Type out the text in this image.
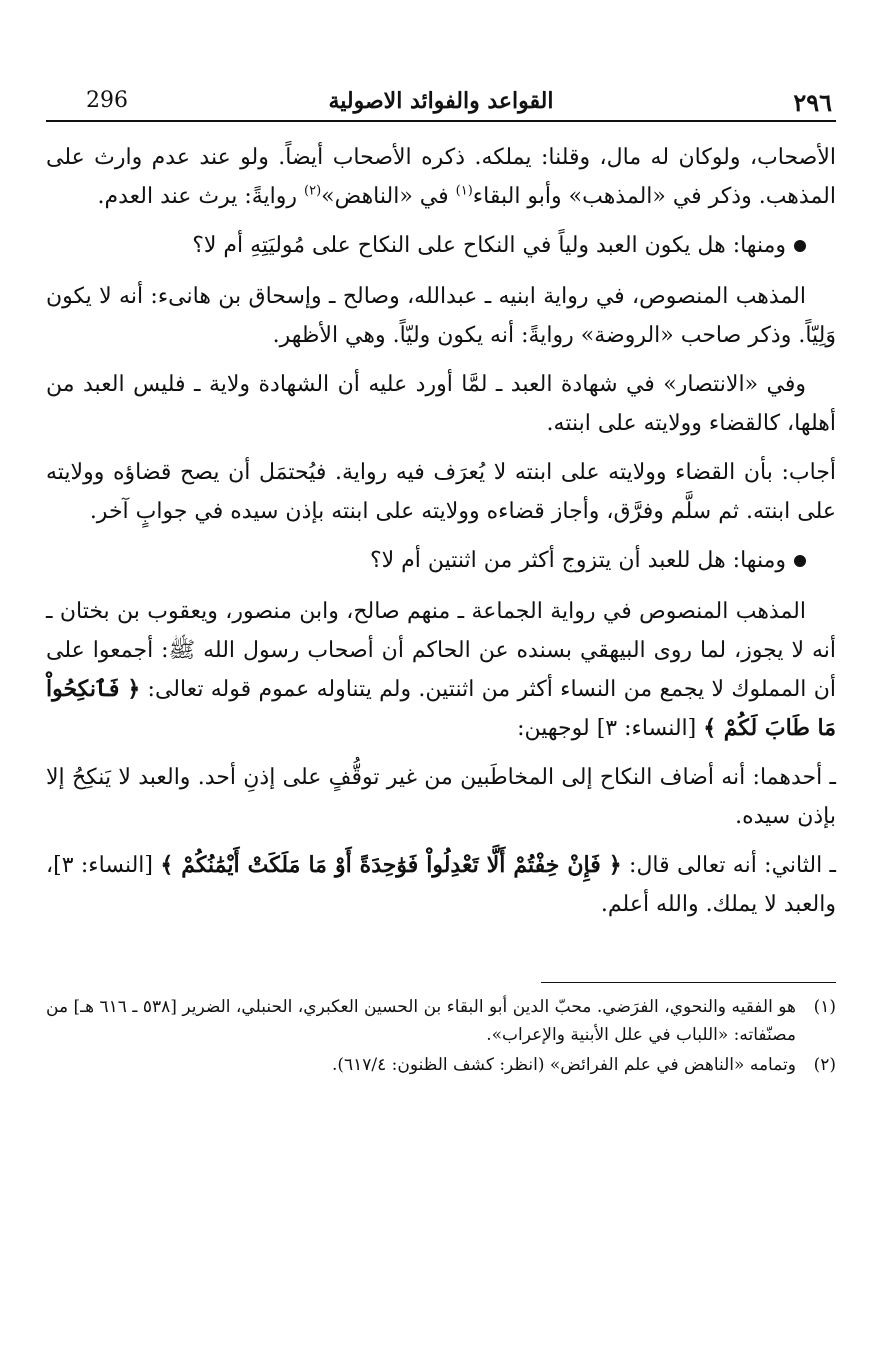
٢٩٦
القواعد والفوائد الاصولية
296

الأصحاب، ولوكان له مال، وقلنا: يملكه. ذكره الأصحاب أيضاً. ولو عند عدم وارث على المذهب. وذكر في «المذهب» وأبو البقاء$^{(١)}$ في «الناهض»$^{(٢)}$ روايةً: يرث عند العدم.

ومنها: هل يكون العبد ولياً في النكاح على النكاح على مُوليَتِهِ أم لا؟

المذهب المنصوص، في رواية ابنيه ـ عبدالله، وصالح ـ وإسحاق بن هانىء: أنه لا يكون وَلِيّاً. وذكر صاحب «الروضة» روايةً: أنه يكون وليّاً. وهي الأظهر.

وفي «الانتصار» في شهادة العبد ـ لمَّا أورد عليه أن الشهادة ولاية ـ فليس العبد من أهلها، كالقضاء وولايته على ابنته.

أجاب: بأن القضاء وولايته على ابنته لا يُعرَف فيه رواية. فيُحتمَل أن يصح قضاؤه وولايته على ابنته. ثم سلَّم وفرَّق، وأجاز قضاءه وولايته على ابنته بإذن سيده في جوابٍ آخر.

ومنها: هل للعبد أن يتزوج أكثر من اثنتين أم لا؟

المذهب المنصوص في رواية الجماعة ـ منهم صالح، وابن منصور، ويعقوب بن بختان ـ أنه لا يجوز، لما روى البيهقي بسنده عن الحاكم أن أصحاب رسول الله ﷺ: أجمعوا على أن المملوك لا يجمع من النساء أكثر من اثنتين. ولم يتناوله عموم قوله تعالى: ﴿ فَٱنكِحُواْ مَا طَابَ لَكُمْ ﴾ [النساء: ٣] لوجهين:

ـ أحدهما: أنه أضاف النكاح إلى المخاطَبين من غير توقُّفٍ على إذنِ أحد. والعبد لا يَنكِحُ إلا بإذن سيده.

ـ الثاني: أنه تعالى قال: ﴿ فَإِنْ خِفْتُمْ أَلَّا تَعْدِلُواْ فَوَٰحِدَةً أَوْ مَا مَلَكَتْ أَيْمَٰنُكُمْ ﴾ [النساء: ٣]، والعبد لا يملك. والله أعلم.

(١)
هو الفقيه والنحوي، الفرَضي. محبّ الدين أبو البقاء بن الحسين العكبري، الحنبلي، الضرير [٥٣٨ ـ ٦١٦ هـ] من مصنّفاته: «اللباب في علل الأبنية والإعراب».
(٢)
وتمامه «الناهض في علم الفرائض» (انظر: كشف الظنون: ٦١٧/٤).
